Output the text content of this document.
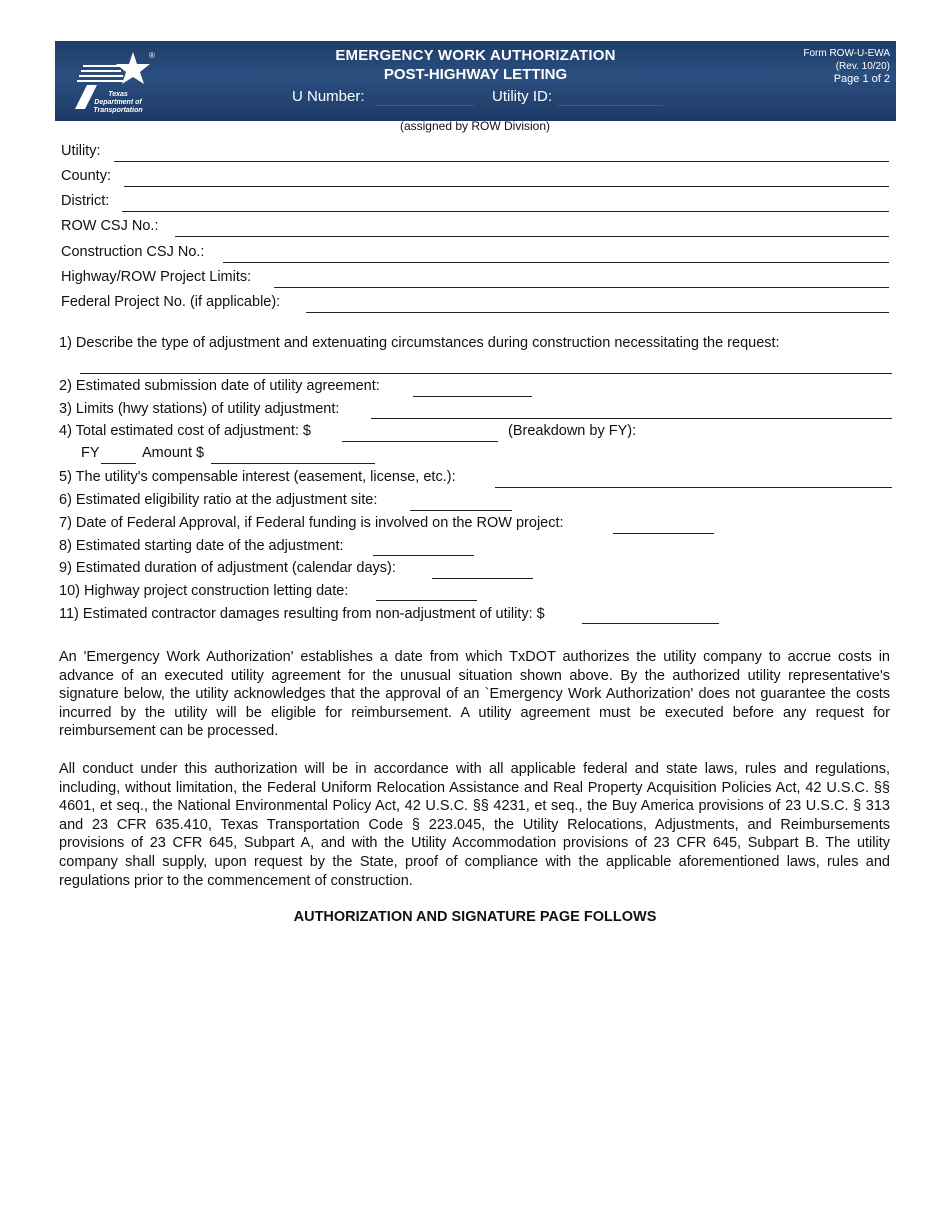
®
Texas Department of Transportation
EMERGENCY WORK AUTHORIZATION
POST-HIGHWAY LETTING
U Number:	Utility ID:
Form ROW-U-EWA
(Rev. 10/20)
Page 1 of 2
(assigned by ROW Division)
Utility:
County:
District:
ROW CSJ No.:
Construction CSJ No.:
Highway/ROW Project Limits:
Federal Project No. (if applicable):
1) Describe the type of adjustment and extenuating circumstances during construction necessitating the request:
2) Estimated submission date of utility agreement:
3) Limits (hwy stations) of utility adjustment:
4) Total estimated cost of adjustment: $	(Breakdown by FY):
FY	Amount $
5) The utility's compensable interest (easement, license, etc.):
6) Estimated eligibility ratio at the adjustment site:
7) Date of Federal Approval, if Federal funding is involved on the ROW project:
8) Estimated starting date of the adjustment:
9) Estimated duration of adjustment (calendar days):
10) Highway project construction letting date:
11) Estimated contractor damages resulting from non-adjustment of utility: $
An 'Emergency Work Authorization' establishes a date from which TxDOT authorizes the utility company to accrue costs in advance of an executed utility agreement for the unusual situation shown above. By the authorized utility representative's signature below, the utility acknowledges that the approval of an `Emergency Work Authorization' does not guarantee the costs incurred by the utility will be eligible for reimbursement. A utility agreement must be executed before any request for reimbursement can be processed.
All conduct under this authorization will be in accordance with all applicable federal and state laws, rules and regulations, including, without limitation, the Federal Uniform Relocation Assistance and Real Property Acquisition Policies Act, 42 U.S.C. §§ 4601, et seq., the National Environmental Policy Act, 42 U.S.C. §§ 4231, et seq., the Buy America provisions of 23 U.S.C. § 313 and 23 CFR 635.410, Texas Transportation Code § 223.045, the Utility Relocations, Adjustments, and Reimbursements provisions of 23 CFR 645, Subpart A, and with the Utility Accommodation provisions of 23 CFR 645, Subpart B. The utility company shall supply, upon request by the State, proof of compliance with the applicable aforementioned laws, rules and regulations prior to the commencement of construction.
AUTHORIZATION AND SIGNATURE PAGE FOLLOWS
